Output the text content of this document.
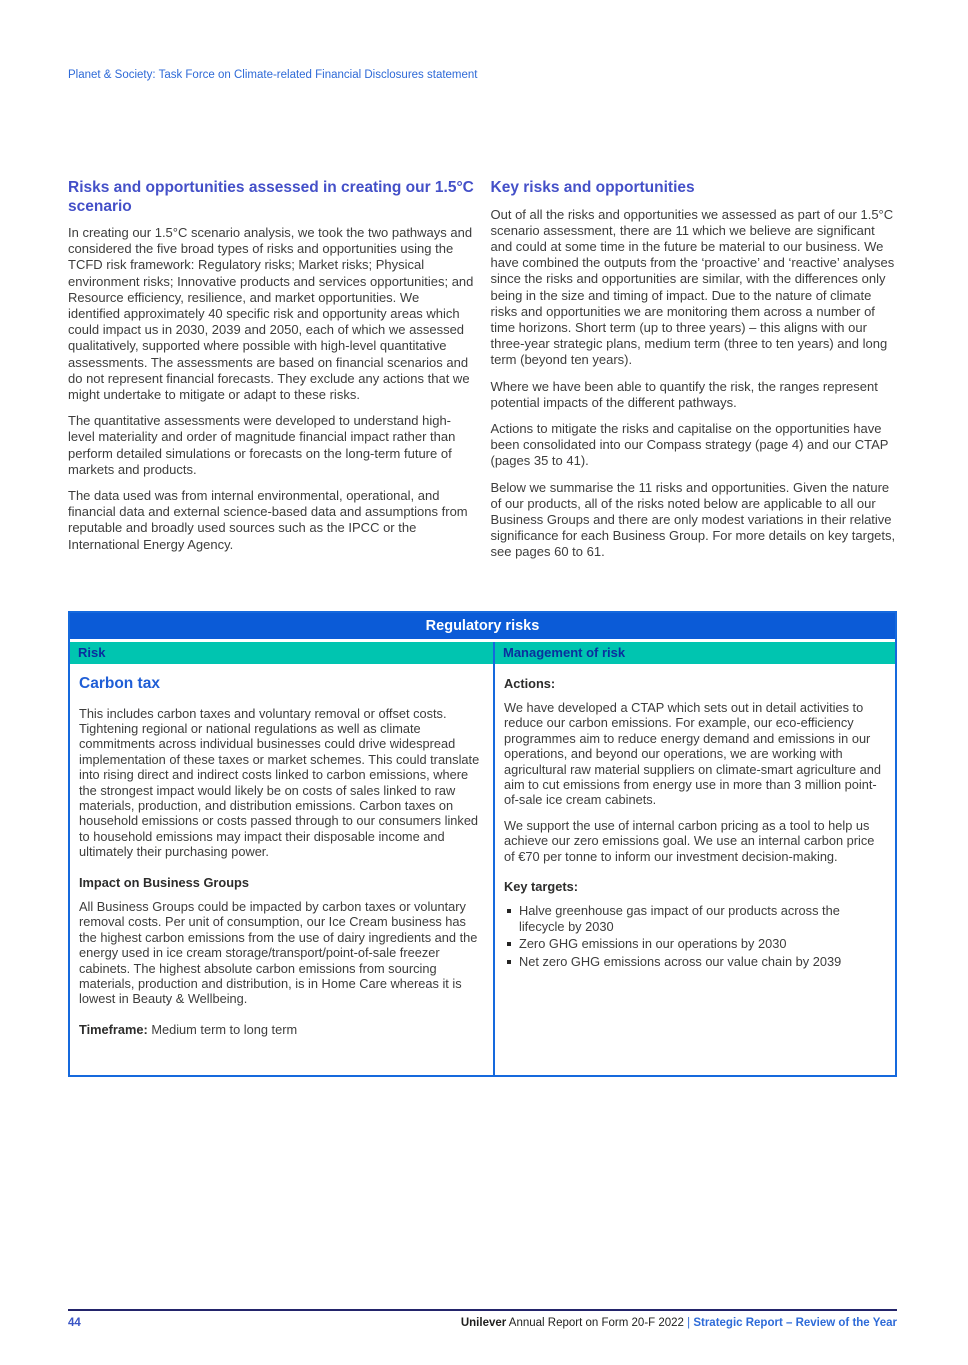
Planet & Society: Task Force on Climate-related Financial Disclosures statement
Risks and opportunities assessed in creating our 1.5°C scenario

In creating our 1.5°C scenario analysis, we took the two pathways and considered the five broad types of risks and opportunities using the TCFD risk framework: Regulatory risks; Market risks; Physical environment risks; Innovative products and services opportunities; and Resource efficiency, resilience, and market opportunities. We identified approximately 40 specific risk and opportunity areas which could impact us in 2030, 2039 and 2050, each of which we assessed qualitatively, supported where possible with high-level quantitative assessments. The assessments are based on financial scenarios and do not represent financial forecasts. They exclude any actions that we might undertake to mitigate or adapt to these risks.

The quantitative assessments were developed to understand high-level materiality and order of magnitude financial impact rather than perform detailed simulations or forecasts on the long-term future of markets and products.

The data used was from internal environmental, operational, and financial data and external science-based data and assumptions from reputable and broadly used sources such as the IPCC or the International Energy Agency.

Key risks and opportunities

Out of all the risks and opportunities we assessed as part of our 1.5°C scenario assessment, there are 11 which we believe are significant and could at some time in the future be material to our business. We have combined the outputs from the ‘proactive’ and ‘reactive’ analyses since the risks and opportunities are similar, with the differences only being in the size and timing of impact. Due to the nature of climate risks and opportunities we are monitoring them across a number of time horizons. Short term (up to three years) – this aligns with our three-year strategic plans, medium term (three to ten years) and long term (beyond ten years).

Where we have been able to quantify the risk, the ranges represent potential impacts of the different pathways.

Actions to mitigate the risks and capitalise on the opportunities have been consolidated into our Compass strategy (page 4) and our CTAP (pages 35 to 41).

Below we summarise the 11 risks and opportunities. Given the nature of our products, all of the risks noted below are applicable to all our Business Groups and there are only modest variations in their relative significance for each Business Group. For more details on key targets, see pages 60 to 61.

Regulatory risks
Risk	Management of risk
Carbon tax

This includes carbon taxes and voluntary removal or offset costs. Tightening regional or national regulations as well as climate commitments across individual businesses could drive widespread implementation of these taxes or market schemes. This could translate into rising direct and indirect costs linked to carbon emissions, where the strongest impact would likely be on costs of sales linked to raw materials, production, and distribution emissions. Carbon taxes on household emissions or costs passed through to our consumers linked to household emissions may impact their disposable income and ultimately their purchasing power.

Impact on Business Groups

All Business Groups could be impacted by carbon taxes or voluntary removal costs. Per unit of consumption, our Ice Cream business has the highest carbon emissions from the use of dairy ingredients and the energy used in ice cream storage/transport/point-of-sale freezer cabinets. The highest absolute carbon emissions from sourcing materials, production and distribution, is in Home Care whereas it is lowest in Beauty & Wellbeing.

Timeframe: Medium term to long term

Actions:

We have developed a CTAP which sets out in detail activities to reduce our carbon emissions. For example, our eco-efficiency programmes aim to reduce energy demand and emissions in our operations, and beyond our operations, we are working with agricultural raw material suppliers on climate-smart agriculture and aim to cut emissions from energy use in more than 3 million point-of-sale ice cream cabinets.

We support the use of internal carbon pricing as a tool to help us achieve our zero emissions goal. We use an internal carbon price of €70 per tonne to inform our investment decision-making.

Key targets:

Halve greenhouse gas impact of our products across the lifecycle by 2030
Zero GHG emissions in our operations by 2030
Net zero GHG emissions across our value chain by 2039
44	Unilever Annual Report on Form 20-F 2022 | Strategic Report – Review of the Year
